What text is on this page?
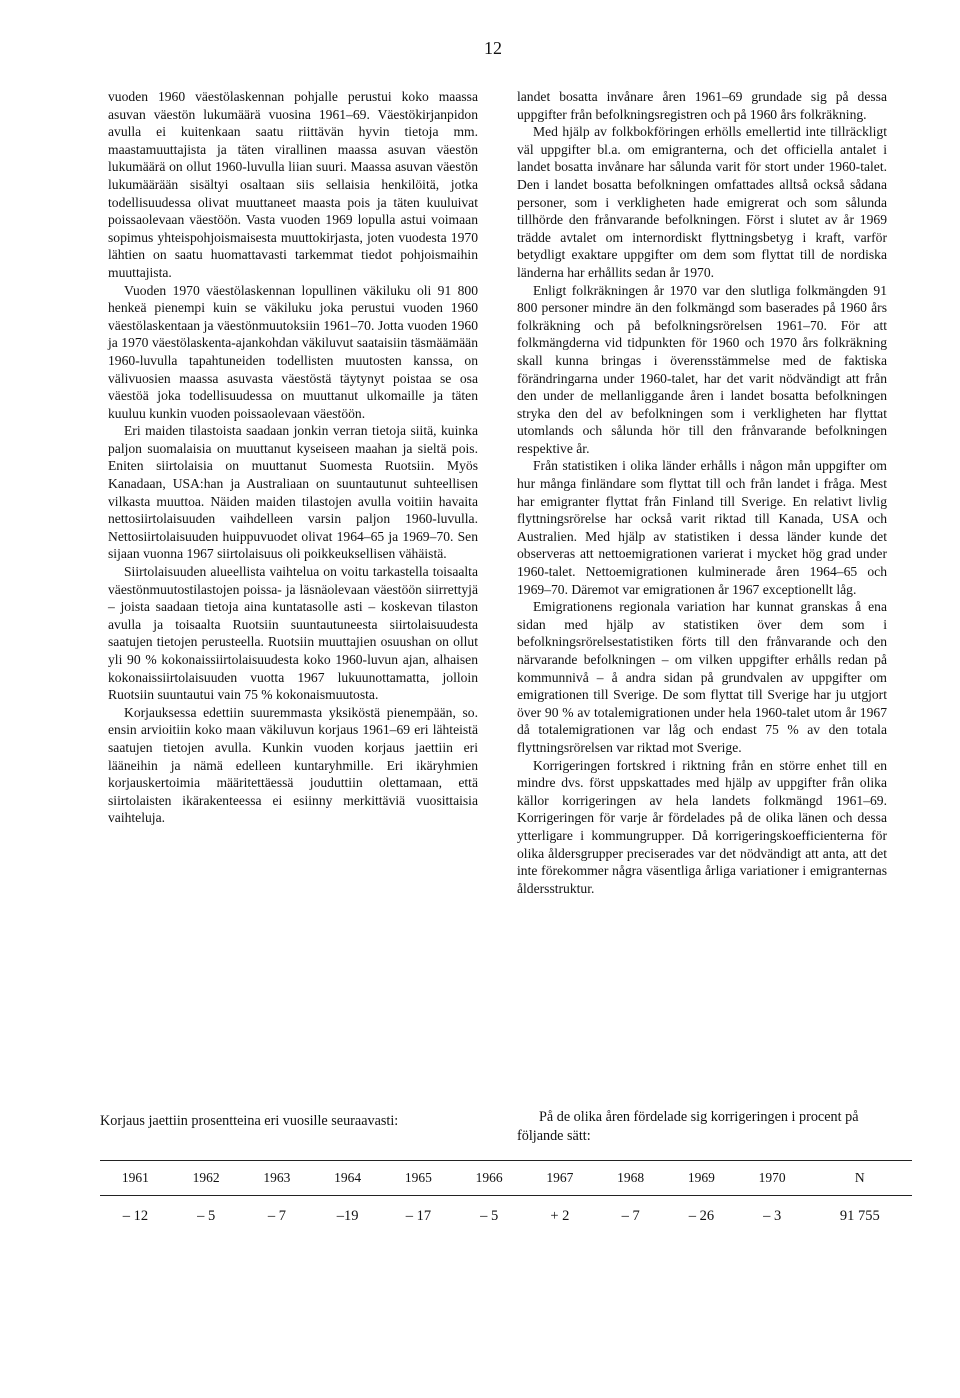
12

vuoden 1960 väestölaskennan pohjalle perustui koko maassa asuvan väestön lukumäärä vuosina 1961–69. Väestökirjanpidon avulla ei kuitenkaan saatu riittävän hyvin tietoja mm. maastamuuttajista ja täten virallinen maassa asuvan väestön lukumäärä on ollut 1960-luvulla liian suuri. Maassa asuvan väestön lukumäärään sisältyi osaltaan siis sellaisia henkilöitä, jotka todellisuudessa olivat muuttaneet maasta pois ja täten kuuluivat poissaolevaan väestöön. Vasta vuoden 1969 lopulla astui voimaan sopimus yhteispohjoismaisesta muuttokirjasta, joten vuodesta 1970 lähtien on saatu huomattavasti tarkemmat tiedot pohjoismaihin muuttajista.

Vuoden 1970 väestölaskennan lopullinen väkiluku oli 91 800 henkeä pienempi kuin se väkiluku joka perustui vuoden 1960 väestölaskentaan ja väestönmuutoksiin 1961–70. Jotta vuoden 1960 ja 1970 väestölaskenta-ajankohdan väkiluvut saataisiin täsmäämään 1960-luvulla tapahtuneiden todellisten muutosten kanssa, on välivuosien maassa asuvasta väestöstä täytynyt poistaa se osa väestöä joka todellisuudessa on muuttanut ulkomaille ja täten kuuluu kunkin vuoden poissaolevaan väestöön.

Eri maiden tilastoista saadaan jonkin verran tietoja siitä, kuinka paljon suomalaisia on muuttanut kyseiseen maahan ja sieltä pois. Eniten siirtolaisia on muuttanut Suomesta Ruotsiin. Myös Kanadaan, USA:han ja Australiaan on suuntautunut suhteellisen vilkasta muuttoa. Näiden maiden tilastojen avulla voitiin havaita nettosiirtolaisuuden vaihdelleen varsin paljon 1960-luvulla. Nettosiirtolaisuuden huippuvuodet olivat 1964–65 ja 1969–70. Sen sijaan vuonna 1967 siirtolaisuus oli poikkeuksellisen vähäistä.

Siirtolaisuuden alueellista vaihtelua on voitu tarkastella toisaalta väestönmuutostilastojen poissa- ja läsnäolevaan väestöön siirrettyjä – joista saadaan tietoja aina kuntatasolle asti – koskevan tilaston avulla ja toisaalta Ruotsiin suuntautuneesta siirtolaisuudesta saatujen tietojen perusteella. Ruotsiin muuttajien osuushan on ollut yli 90 % kokonaissiirtolaisuudesta koko 1960-luvun ajan, alhaisen kokonaissiirtolaisuuden vuotta 1967 lukuunottamatta, jolloin Ruotsiin suuntautui vain 75 % kokonaismuutosta.

Korjauksessa edettiin suuremmasta yksiköstä pienempään, so. ensin arvioitiin koko maan väkiluvun korjaus 1961–69 eri lähteistä saatujen tietojen avulla. Kunkin vuoden korjaus jaettiin eri lääneihin ja nämä edelleen kuntaryhmille. Eri ikäryhmien korjauskertoimia määritettäessä jouduttiin olettamaan, että siirtolaisten ikärakenteessa ei esiinny merkittäviä vuosittaisia vaihteluja.

landet bosatta invånare åren 1961–69 grundade sig på dessa uppgifter från befolkningsregistren och på 1960 års folkräkning.

Med hjälp av folkbokföringen erhölls emellertid inte tillräckligt väl uppgifter bl.a. om emigranterna, och det officiella antalet i landet bosatta invånare har sålunda varit för stort under 1960-talet. Den i landet bosatta befolkningen omfattades alltså också sådana personer, som i verkligheten hade emigrerat och som sålunda tillhörde den frånvarande befolkningen. Först i slutet av år 1969 trädde avtalet om internordiskt flyttningsbetyg i kraft, varför betydligt exaktare uppgifter om dem som flyttat till de nordiska länderna har erhållits sedan år 1970.

Enligt folkräkningen år 1970 var den slutliga folkmängden 91 800 personer mindre än den folkmängd som baserades på 1960 års folkräkning och på befolkningsrörelsen 1961–70. För att folkmängderna vid tidpunkten för 1960 och 1970 års folkräkning skall kunna bringas i överensstämmelse med de faktiska förändringarna under 1960-talet, har det varit nödvändigt att från den under de mellanliggande åren i landet bosatta befolkningen stryka den del av befolkningen som i verkligheten har flyttat utomlands och sålunda hör till den frånvarande befolkningen respektive år.

Från statistiken i olika länder erhålls i någon mån uppgifter om hur många finländare som flyttat till och från landet i fråga. Mest har emigranter flyttat från Finland till Sverige. En relativt livlig flyttningsrörelse har också varit riktad till Kanada, USA och Australien. Med hjälp av statistiken i dessa länder kunde det observeras att nettoemigrationen varierat i mycket hög grad under 1960-talet. Nettoemigrationen kulminerade åren 1964–65 och 1969–70. Däremot var emigrationen år 1967 exceptionellt låg.

Emigrationens regionala variation har kunnat granskas å ena sidan med hjälp av statistiken över dem som i befolkningsrörelsestatistiken förts till den frånvarande och den närvarande befolkningen – om vilken uppgifter erhålls redan på kommunnivå – å andra sidan på grundvalen av uppgifter om emigrationen till Sverige. De som flyttat till Sverige har ju utgjort över 90 % av totalemigrationen under hela 1960-talet utom år 1967 då totalemigrationen var låg och endast 75 % av den totala flyttningsrörelsen var riktad mot Sverige.

Korrigeringen fortskred i riktning från en större enhet till en mindre dvs. först uppskattades med hjälp av uppgifter från olika källor korrigeringen av hela landets folkmängd 1961–69. Korrigeringen för varje år fördelades på de olika länen och dessa ytterligare i kommungrupper. Då korrigeringskoefficienterna för olika åldersgrupper preciserades var det nödvändigt att anta, att det inte förekommer några väsentliga årliga variationer i emigranternas åldersstruktur.

Korjaus jaettiin prosentteina eri vuosille seuraavasti:	På de olika åren fördelade sig korrigeringen i procent på följande sätt:
1961	1962	1963	1964	1965	1966	1967	1968	1969	1970	N
– 12	– 5	– 7	–19	– 17	– 5	+ 2	– 7	– 26	– 3	91 755
